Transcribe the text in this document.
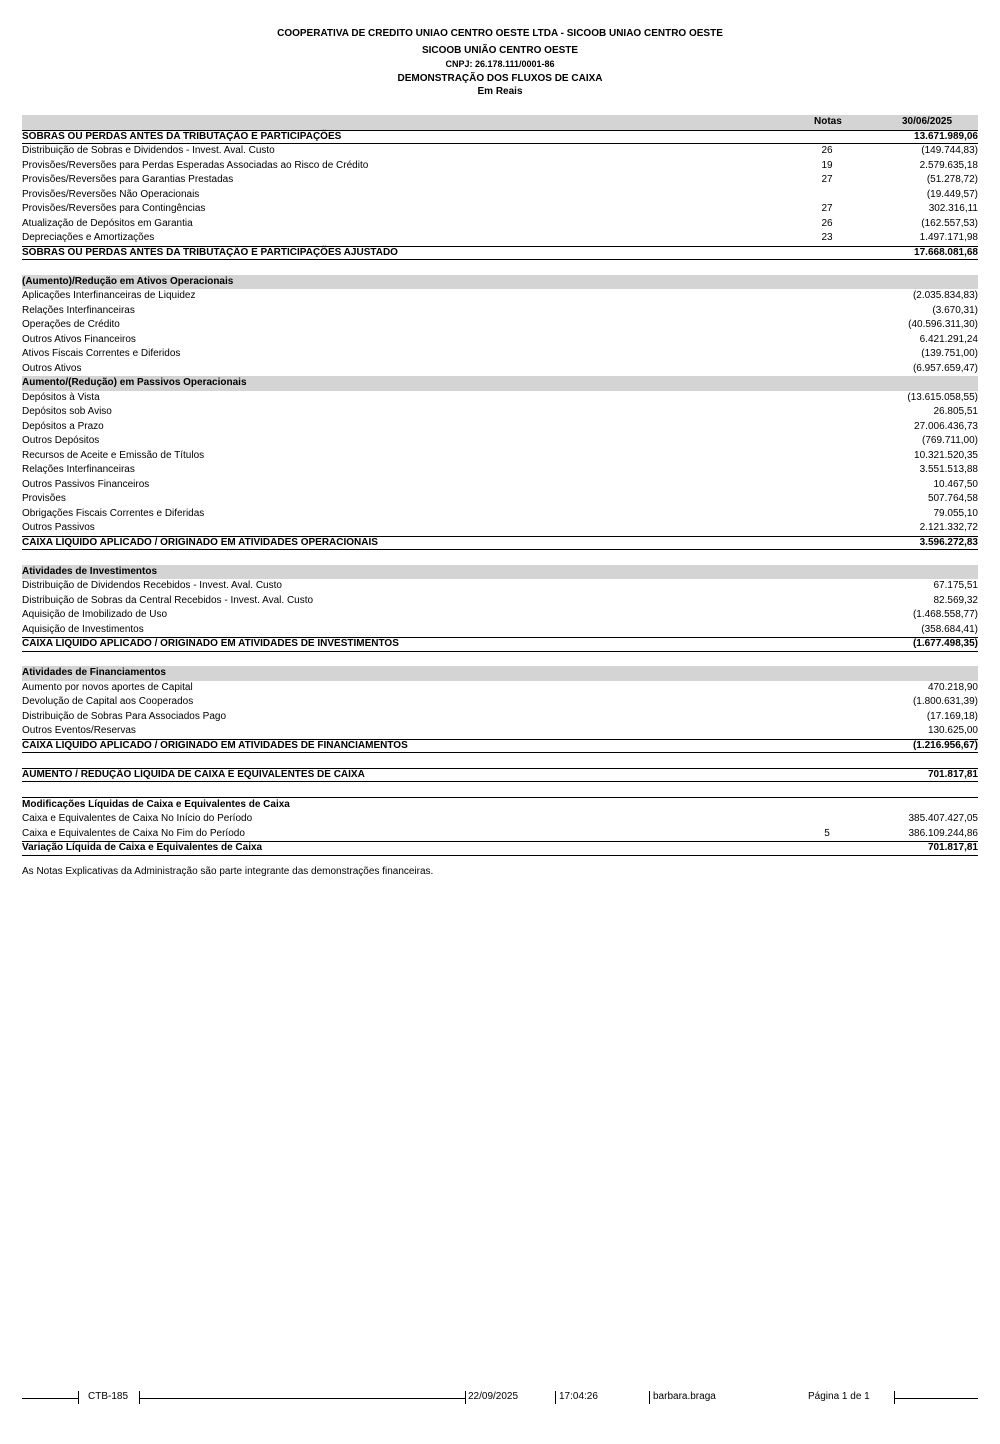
COOPERATIVA DE CREDITO UNIAO CENTRO OESTE LTDA - SICOOB UNIAO CENTRO OESTE
SICOOB UNIÃO CENTRO OESTE
CNPJ: 26.178.111/0001-86
DEMONSTRAÇÃO DOS FLUXOS DE CAIXA
Em Reais
Notas	30/06/2025
SOBRAS OU PERDAS ANTES DA TRIBUTAÇÃO E PARTICIPAÇÕES	13.671.989,06
Distribuição de Sobras e Dividendos - Invest. Aval. Custo	26	(149.744,83)
Provisões/Reversões para Perdas Esperadas Associadas ao Risco de Crédito	19	2.579.635,18
Provisões/Reversões para Garantias Prestadas	27	(51.278,72)
Provisões/Reversões Não Operacionais	(19.449,57)
Provisões/Reversões para Contingências	27	302.316,11
Atualização de Depósitos em Garantia	26	(162.557,53)
Depreciações e Amortizações	23	1.497.171,98
SOBRAS OU PERDAS ANTES DA TRIBUTAÇÃO E PARTICIPAÇÕES AJUSTADO	17.668.081,68
(Aumento)/Redução em Ativos Operacionais
Aplicações Interfinanceiras de Liquidez	(2.035.834,83)
Relações Interfinanceiras	(3.670,31)
Operações de Crédito	(40.596.311,30)
Outros Ativos Financeiros	6.421.291,24
Ativos Fiscais Correntes e Diferidos	(139.751,00)
Outros Ativos	(6.957.659,47)
Aumento/(Redução) em Passivos Operacionais
Depósitos à Vista	(13.615.058,55)
Depósitos sob Aviso	26.805,51
Depósitos a Prazo	27.006.436,73
Outros Depósitos	(769.711,00)
Recursos de Aceite e Emissão de Títulos	10.321.520,35
Relações Interfinanceiras	3.551.513,88
Outros Passivos Financeiros	10.467,50
Provisões	507.764,58
Obrigações Fiscais Correntes e Diferidas	79.055,10
Outros Passivos	2.121.332,72
CAIXA LÍQUIDO APLICADO / ORIGINADO EM ATIVIDADES OPERACIONAIS	3.596.272,83
Atividades de Investimentos
Distribuição de Dividendos Recebidos - Invest. Aval. Custo	67.175,51
Distribuição de Sobras da Central Recebidos - Invest. Aval. Custo	82.569,32
Aquisição de Imobilizado de Uso	(1.468.558,77)
Aquisição de Investimentos	(358.684,41)
CAIXA LÍQUIDO APLICADO / ORIGINADO EM ATIVIDADES DE INVESTIMENTOS	(1.677.498,35)
Atividades de Financiamentos
Aumento por novos aportes de Capital	470.218,90
Devolução de Capital aos Cooperados	(1.800.631,39)
Distribuição de Sobras Para Associados Pago	(17.169,18)
Outros Eventos/Reservas	130.625,00
CAIXA LÍQUIDO APLICADO / ORIGINADO EM ATIVIDADES DE FINANCIAMENTOS	(1.216.956,67)
AUMENTO / REDUÇÃO LÍQUIDA DE CAIXA E EQUIVALENTES DE CAIXA	701.817,81
Modificações Líquidas de Caixa e Equivalentes de Caixa
Caixa e Equivalentes de Caixa No Início do Período	385.407.427,05
Caixa e Equivalentes de Caixa No Fim do Período	5	386.109.244,86
Variação Líquida de Caixa e Equivalentes de Caixa	701.817,81
As Notas Explicativas da Administração são parte integrante das demonstrações financeiras.
CTB-185	22/09/2025	17:04:26	barbara.braga	Página 1 de 1
